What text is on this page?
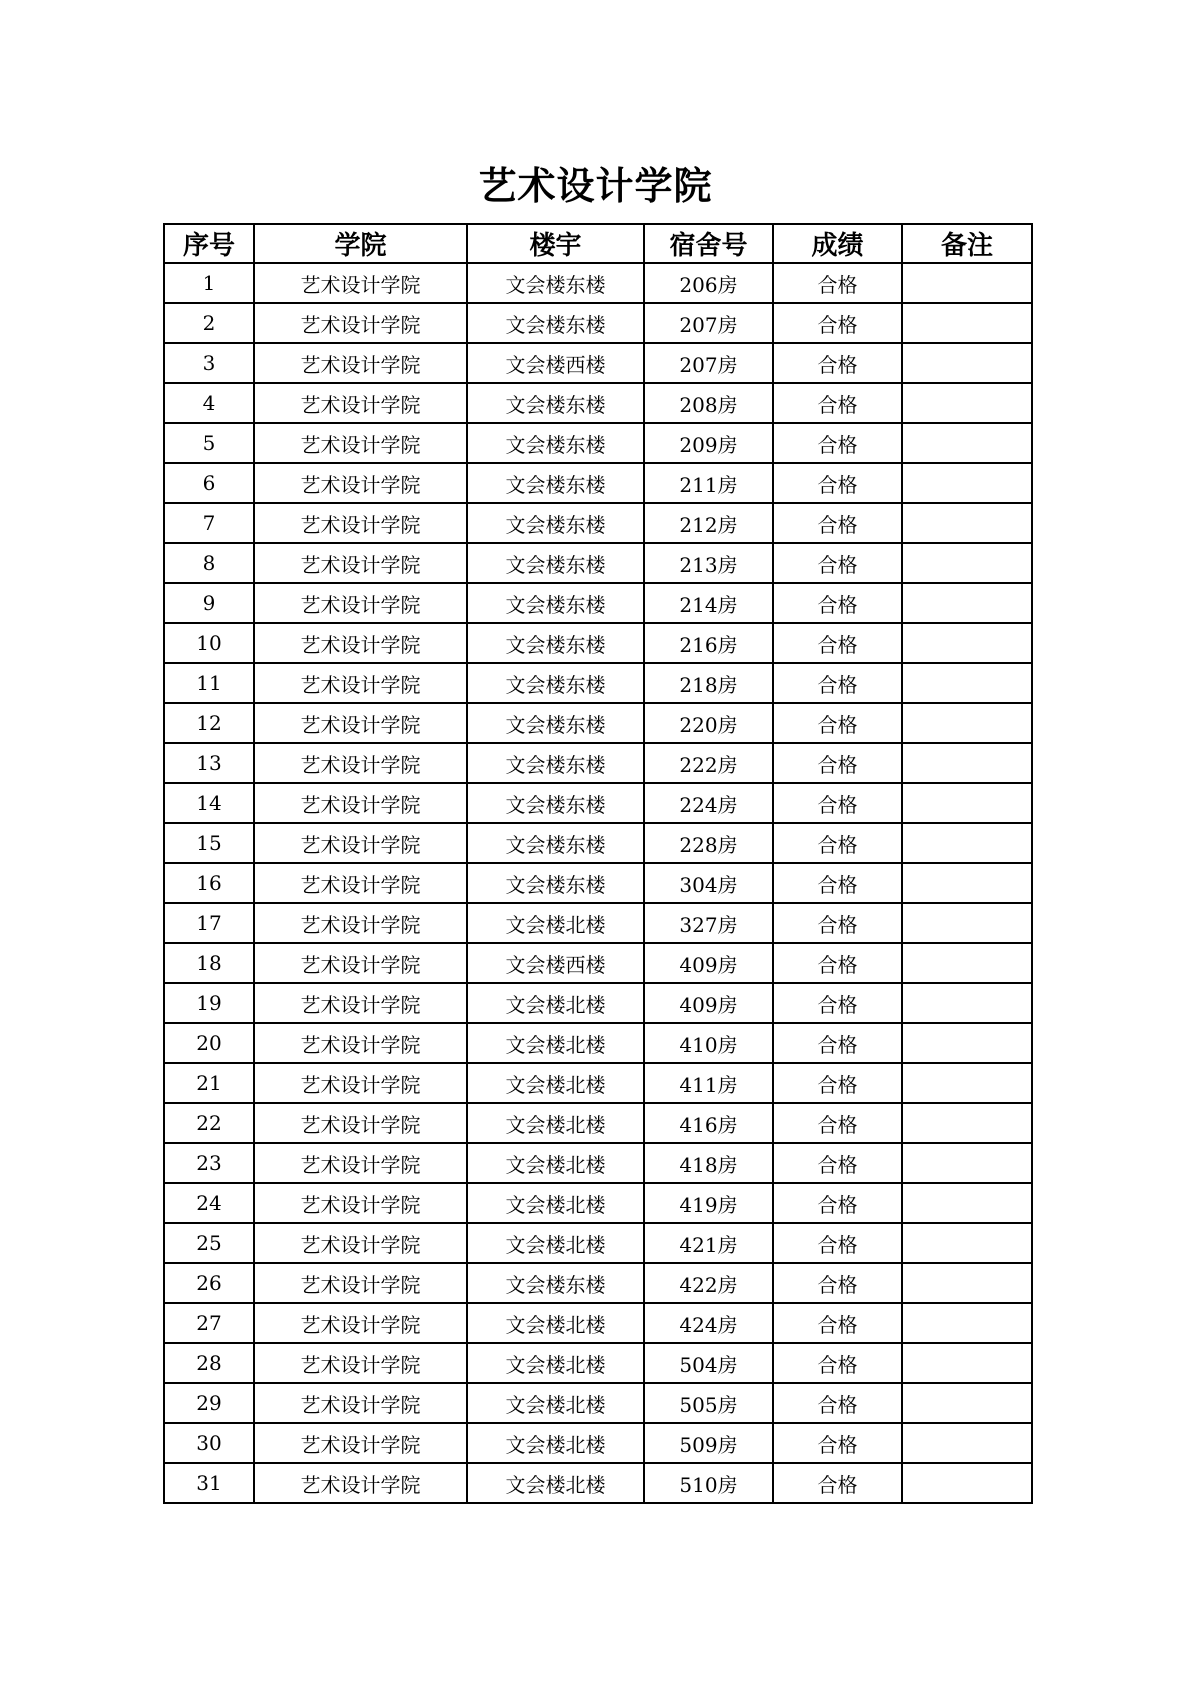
艺术设计学院
序号	学院	楼宇	宿舍号	成绩	备注
1	艺术设计学院	文会楼东楼	206房	合格	
2	艺术设计学院	文会楼东楼	207房	合格	
3	艺术设计学院	文会楼西楼	207房	合格	
4	艺术设计学院	文会楼东楼	208房	合格	
5	艺术设计学院	文会楼东楼	209房	合格	
6	艺术设计学院	文会楼东楼	211房	合格	
7	艺术设计学院	文会楼东楼	212房	合格	
8	艺术设计学院	文会楼东楼	213房	合格	
9	艺术设计学院	文会楼东楼	214房	合格	
10	艺术设计学院	文会楼东楼	216房	合格	
11	艺术设计学院	文会楼东楼	218房	合格	
12	艺术设计学院	文会楼东楼	220房	合格	
13	艺术设计学院	文会楼东楼	222房	合格	
14	艺术设计学院	文会楼东楼	224房	合格	
15	艺术设计学院	文会楼东楼	228房	合格	
16	艺术设计学院	文会楼东楼	304房	合格	
17	艺术设计学院	文会楼北楼	327房	合格	
18	艺术设计学院	文会楼西楼	409房	合格	
19	艺术设计学院	文会楼北楼	409房	合格	
20	艺术设计学院	文会楼北楼	410房	合格	
21	艺术设计学院	文会楼北楼	411房	合格	
22	艺术设计学院	文会楼北楼	416房	合格	
23	艺术设计学院	文会楼北楼	418房	合格	
24	艺术设计学院	文会楼北楼	419房	合格	
25	艺术设计学院	文会楼北楼	421房	合格	
26	艺术设计学院	文会楼东楼	422房	合格	
27	艺术设计学院	文会楼北楼	424房	合格	
28	艺术设计学院	文会楼北楼	504房	合格	
29	艺术设计学院	文会楼北楼	505房	合格	
30	艺术设计学院	文会楼北楼	509房	合格	
31	艺术设计学院	文会楼北楼	510房	合格	
